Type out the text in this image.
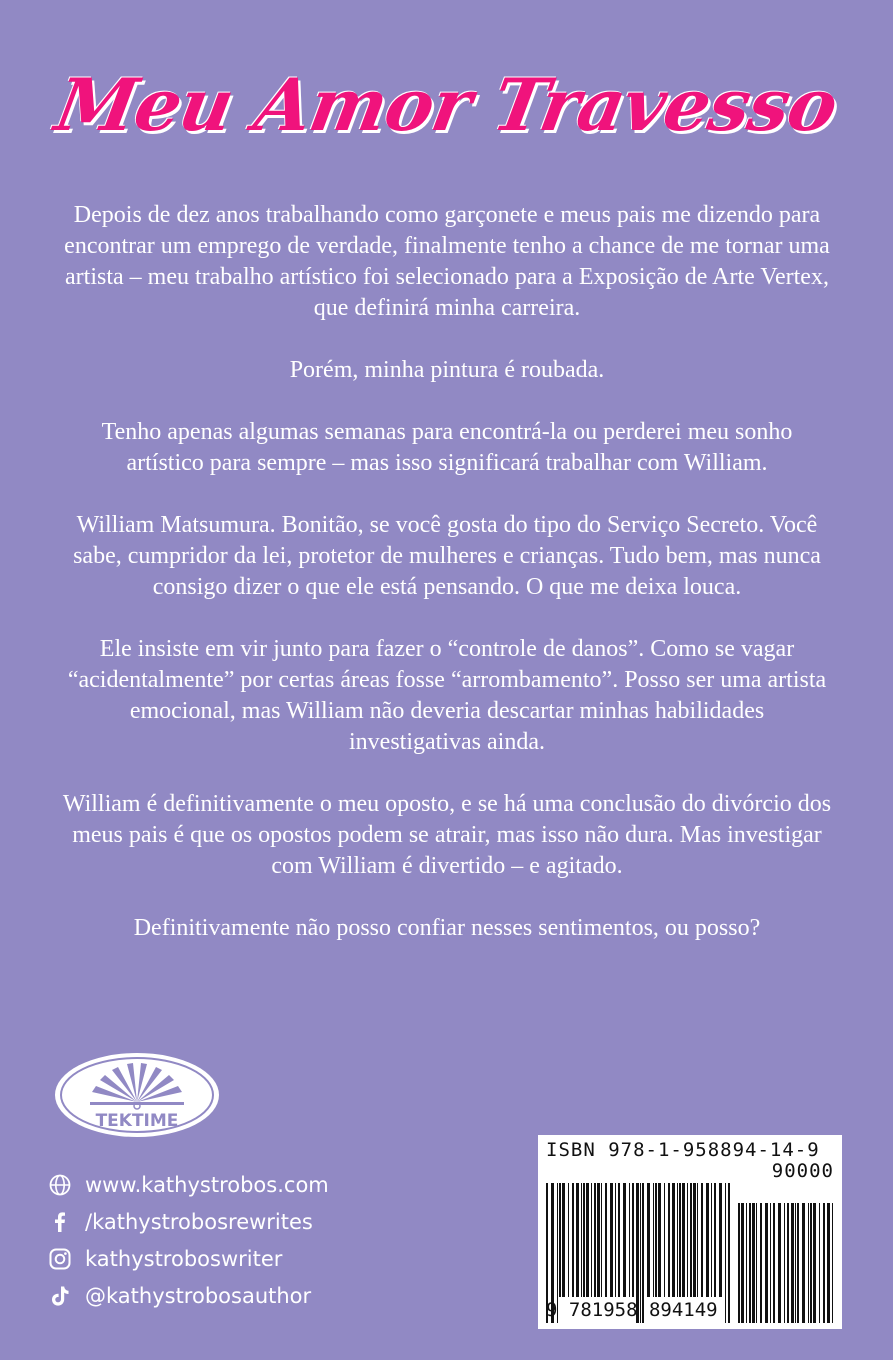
Meu Amor Travesso

Depois de dez anos trabalhando como garçonete e meus pais me dizendo para encontrar um emprego de verdade, finalmente tenho a chance de me tornar uma artista – meu trabalho artístico foi selecionado para a Exposição de Arte Vertex, que definirá minha carreira.

Porém, minha pintura é roubada.

Tenho apenas algumas semanas para encontrá-la ou perderei meu sonho artístico para sempre – mas isso significará trabalhar com William.

William Matsumura. Bonitão, se você gosta do tipo do Serviço Secreto. Você sabe, cumpridor da lei, protetor de mulheres e crianças. Tudo bem, mas nunca consigo dizer o que ele está pensando. O que me deixa louca.

Ele insiste em vir junto para fazer o “controle de danos”. Como se vagar “acidentalmente” por certas áreas fosse “arrombamento”. Posso ser uma artista emocional, mas William não deveria descartar minhas habilidades investigativas ainda.

William é definitivamente o meu oposto, e se há uma conclusão do divórcio dos meus pais é que os opostos podem se atrair, mas isso não dura. Mas investigar com William é divertido – e agitado.

Definitivamente não posso confiar nesses sentimentos, ou posso?

TEKTIME
www.kathystrobos.com
/kathystrobosrewrites
kathystroboswriter
@kathystrobosauthor
ISBN 978-1-958894-14-9
90000
9 781958 894149
